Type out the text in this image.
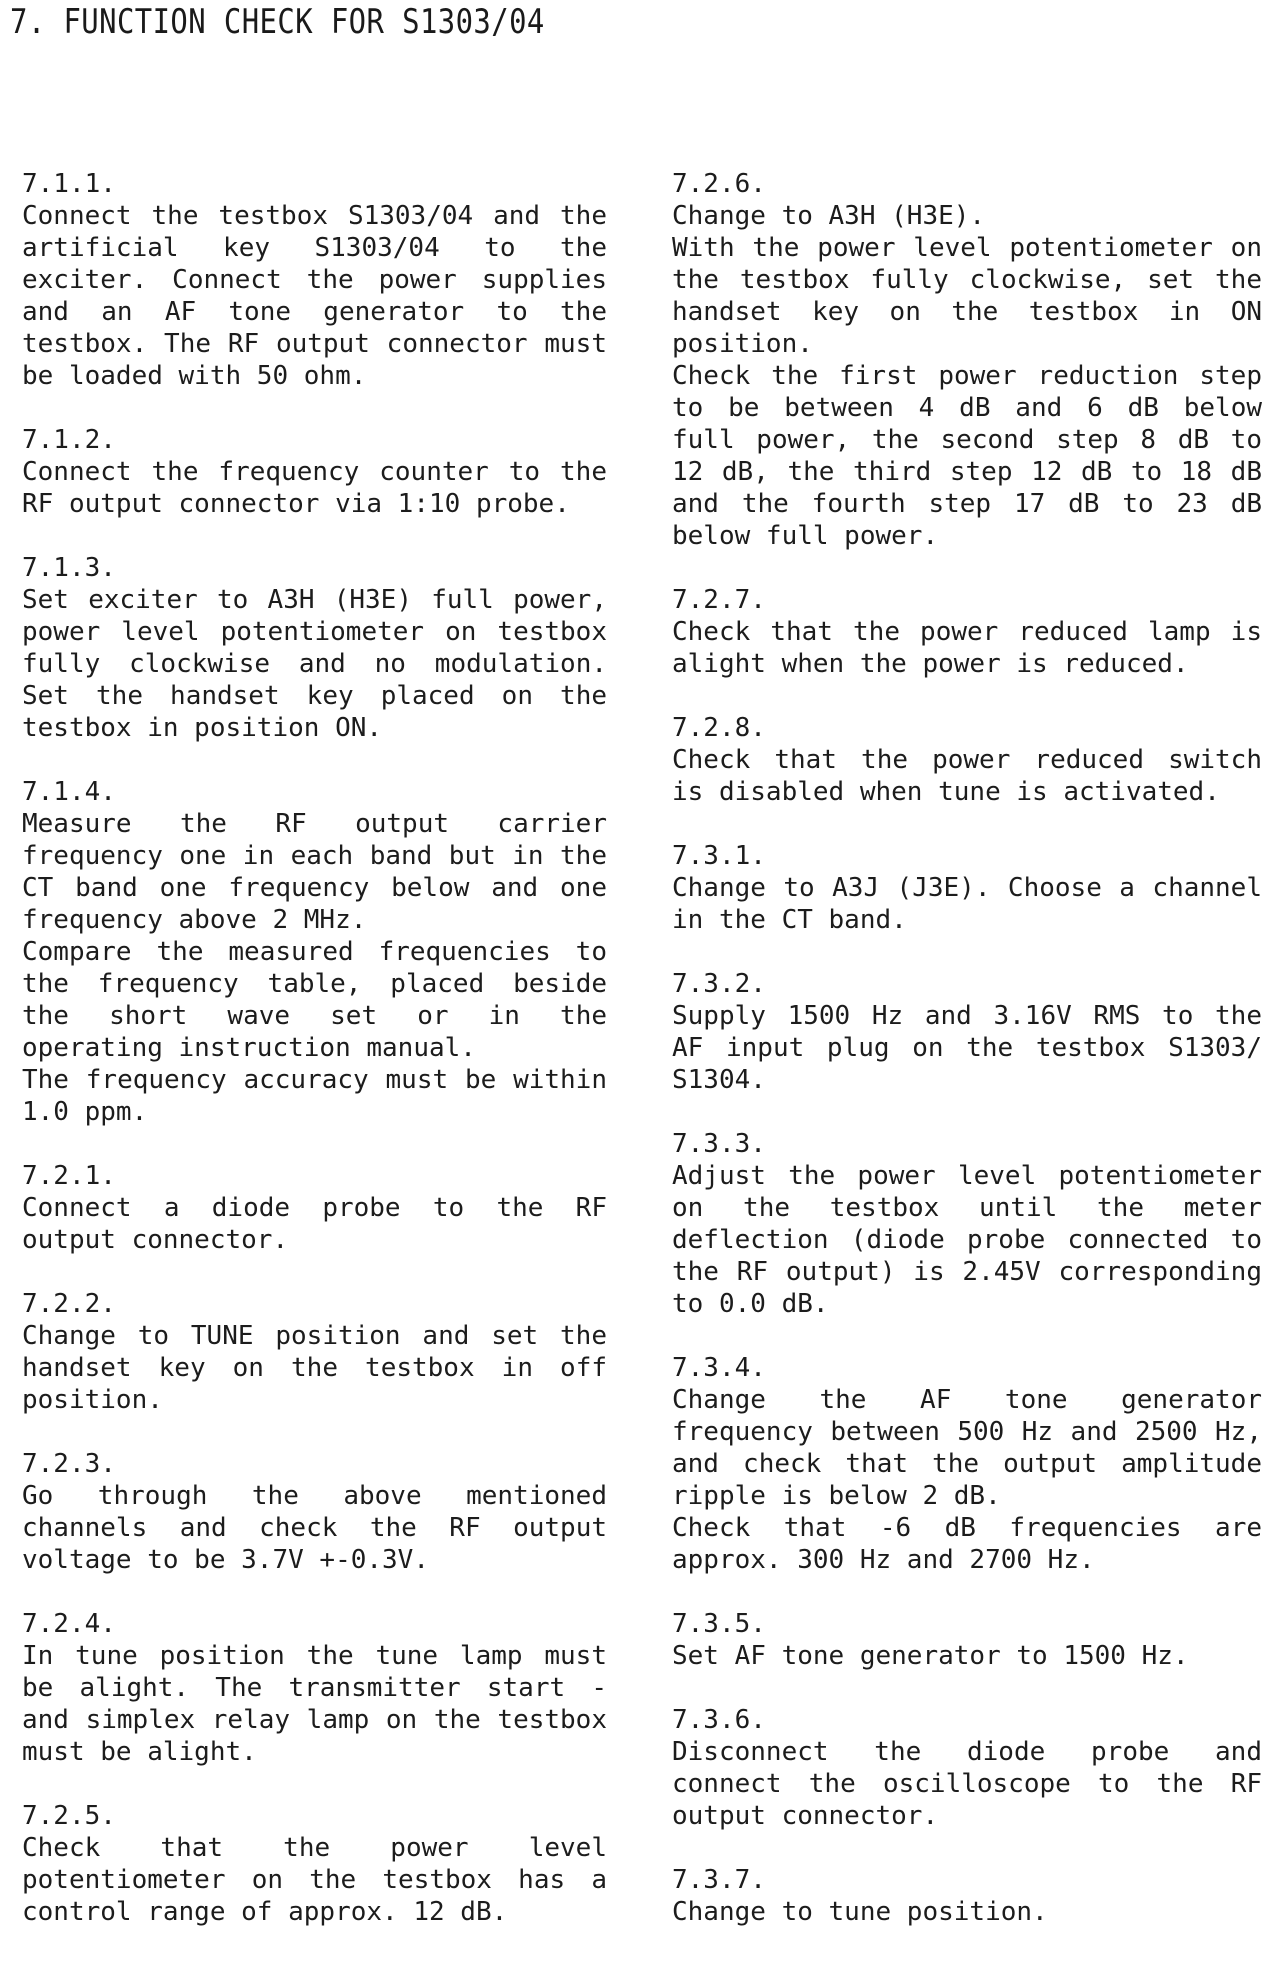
7. FUNCTION CHECK FOR S1303/04
7.1.1.
Connect the testbox S1303/04 and the artificial key S1303/04 to the exciter. Connect the power supplies and an AF tone generator to the testbox. The RF output connector must be loaded with 50 ohm.
7.1.2.
Connect the frequency counter to the RF output connector via 1:10 probe.
7.1.3.
Set exciter to A3H (H3E) full power, power level potentiometer on testbox fully clockwise and no modulation. Set the handset key placed on the testbox in position ON.
7.1.4.
Measure the RF output carrier frequency one in each band but in the CT band one frequency below and one frequency above 2 MHz.
Compare the measured frequencies to the frequency table, placed beside the short wave set or in the operating instruction manual.
The frequency accuracy must be within 1.0 ppm.
7.2.1.
Connect a diode probe to the RF output connector.
7.2.2.
Change to TUNE position and set the handset key on the testbox in off position.
7.2.3.
Go through the above mentioned channels and check the RF output voltage to be 3.7V +-0.3V.
7.2.4.
In tune position the tune lamp must be alight. The transmitter start - and simplex relay lamp on the testbox must be alight.
7.2.5.
Check that the power level potentiometer on the testbox has a control range of approx. 12 dB.
7.2.6.
Change to A3H (H3E).
With the power level potentiometer on the testbox fully clockwise, set the handset key on the testbox in ON position.
Check the first power reduction step to be between 4 dB and 6 dB below full power, the second step 8 dB to 12 dB, the third step 12 dB to 18 dB and the fourth step 17 dB to 23 dB below full power.
7.2.7.
Check that the power reduced lamp is alight when the power is reduced.
7.2.8.
Check that the power reduced switch is disabled when tune is activated.
7.3.1.
Change to A3J (J3E). Choose a channel in the CT band.
7.3.2.
Supply 1500 Hz and 3.16V RMS to the AF input plug on the testbox S1303/ S1304.
7.3.3.
Adjust the power level potentiometer on the testbox until the meter deflection (diode probe connected to the RF output) is 2.45V corresponding to 0.0 dB.
7.3.4.
Change the AF tone generator frequency between 500 Hz and 2500 Hz, and check that the output amplitude ripple is below 2 dB.
Check that -6 dB frequencies are approx. 300 Hz and 2700 Hz.
7.3.5.
Set AF tone generator to 1500 Hz.
7.3.6.
Disconnect the diode probe and connect the oscilloscope to the RF output connector.
7.3.7.
Change to tune position.
